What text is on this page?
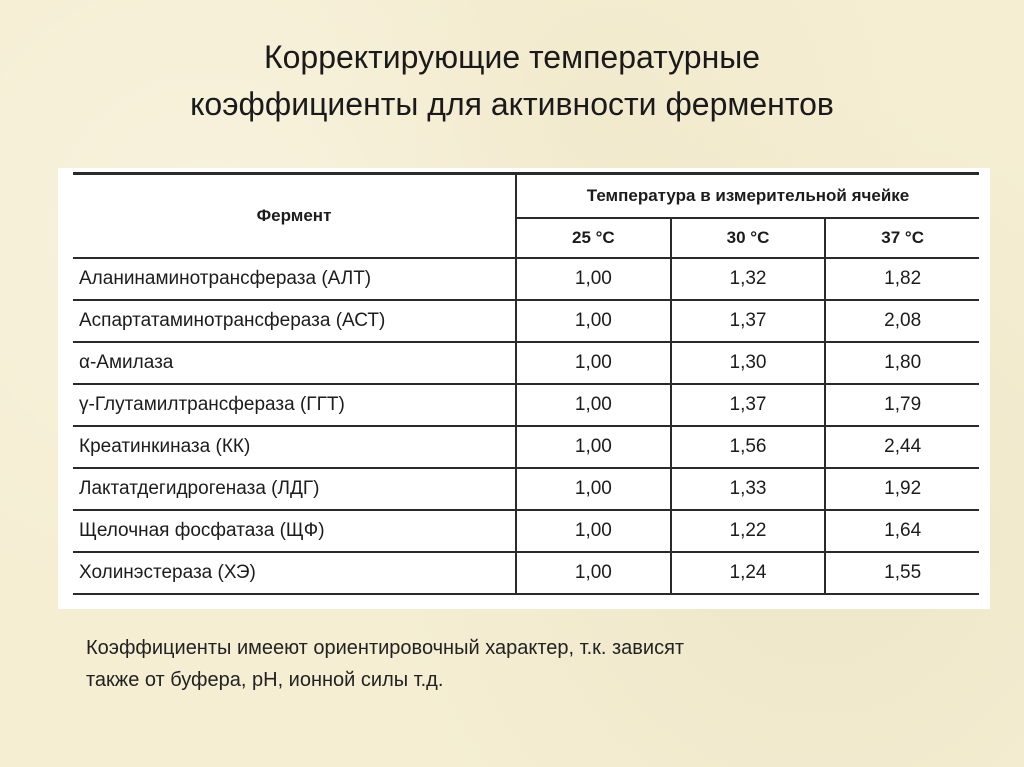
Корректирующие температурные
коэффициенты для активности ферментов
Фермент	Температура в измерительной ячейке		
	25 °C	30 °C	37 °C
Аланинаминотрансфераза (АЛТ)	1,00	1,32	1,82
Аспартатаминотрансфераза (АСТ)	1,00	1,37	2,08
α-Амилаза	1,00	1,30	1,80
γ-Глутамилтрансфераза (ГГТ)	1,00	1,37	1,79
Креатинкиназа (КК)	1,00	1,56	2,44
Лактатдегидрогеназа (ЛДГ)	1,00	1,33	1,92
Щелочная фосфатаза (ЩФ)	1,00	1,22	1,64
Холинэстераза (ХЭ)	1,00	1,24	1,55
Коэффициенты имееют ориентировочный характер, т.к. зависят
также от буфера, рН, ионной силы т.д.
